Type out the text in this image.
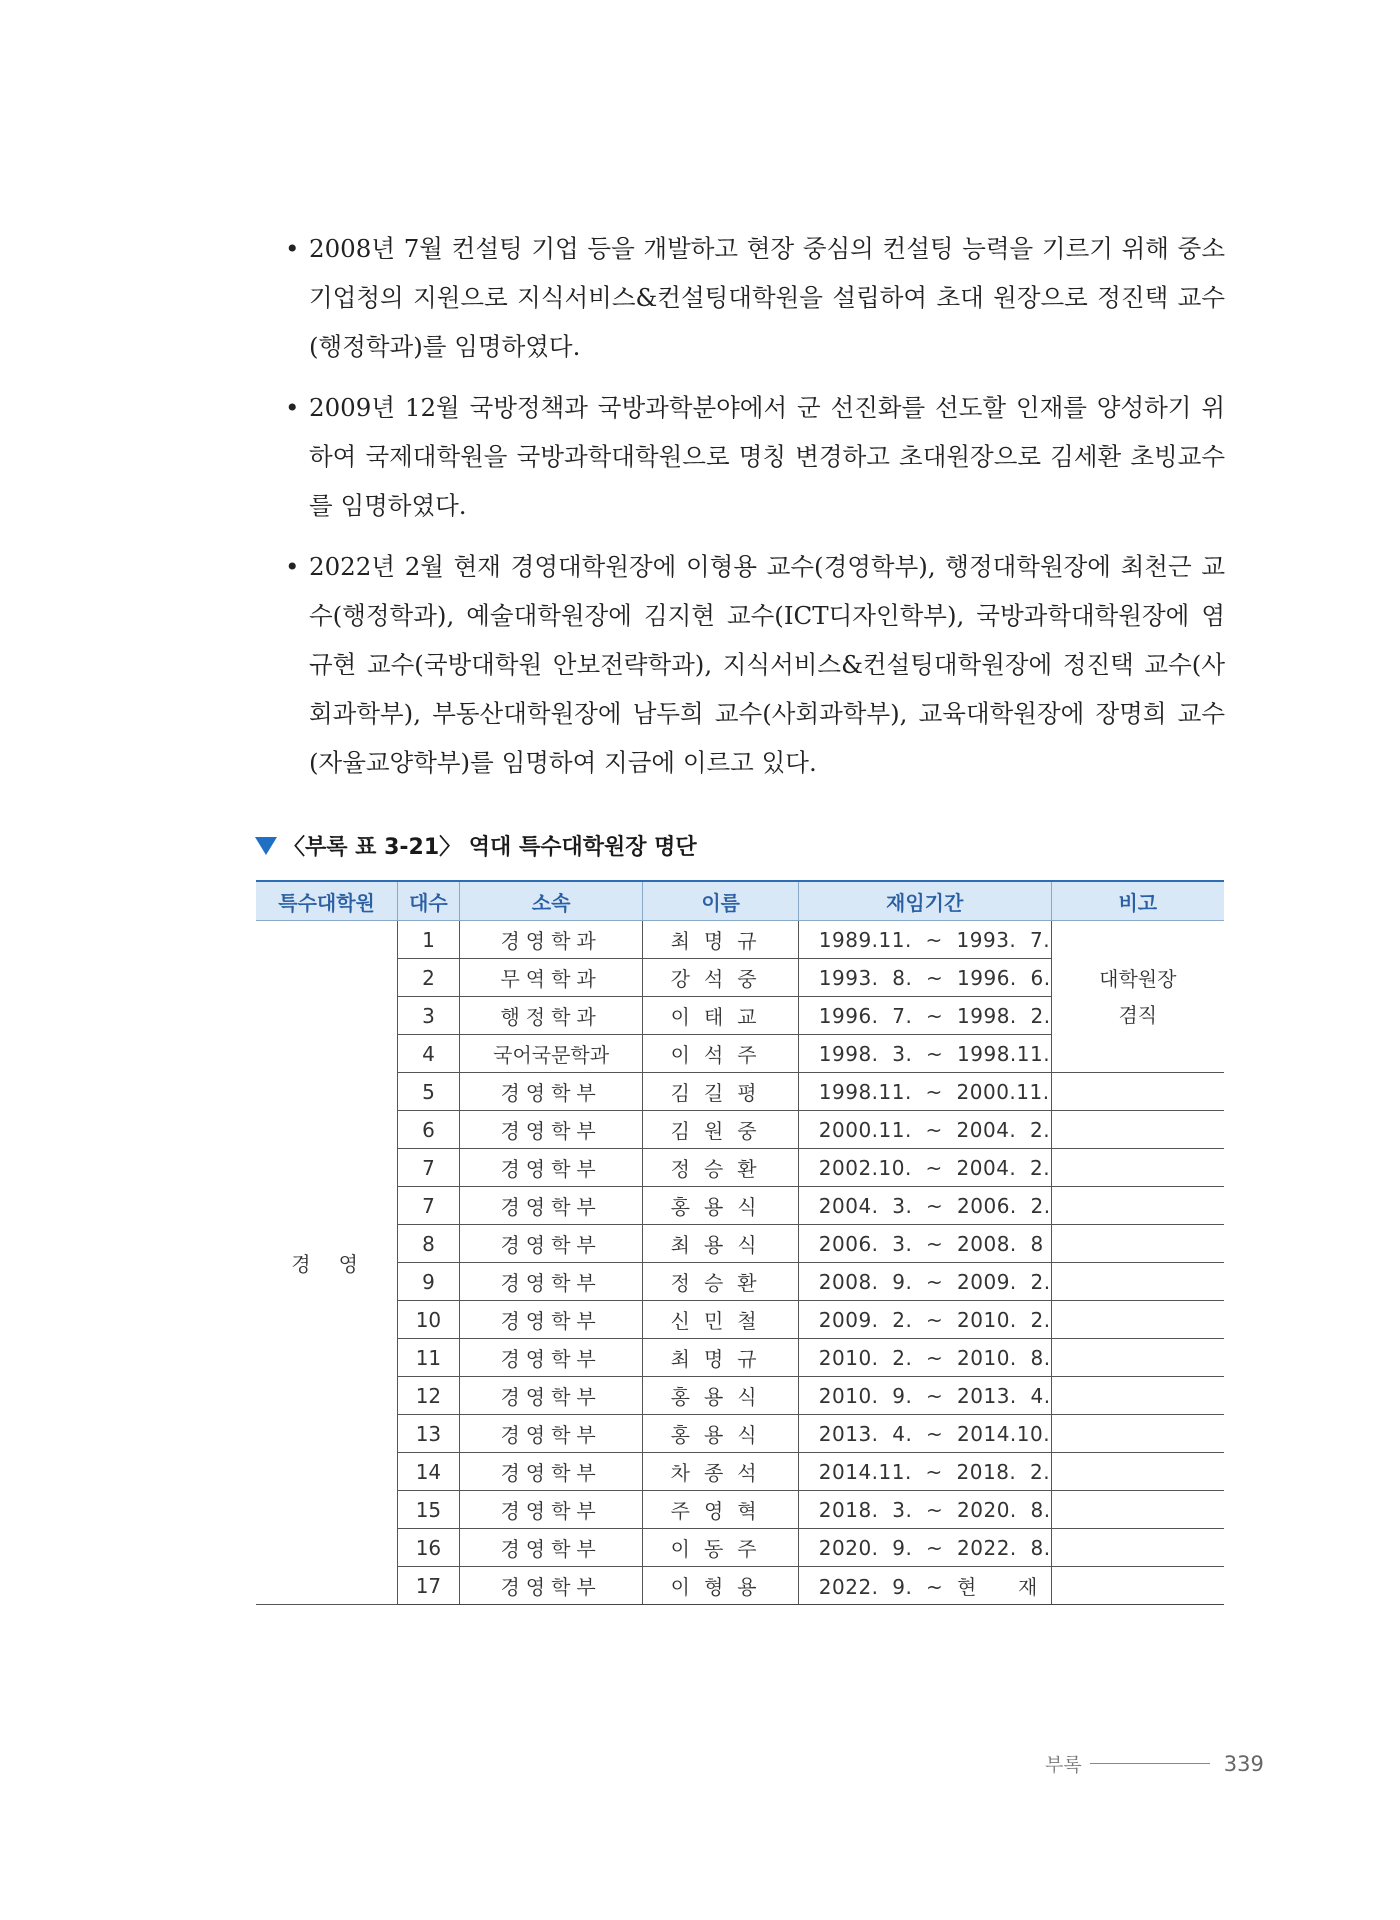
• 2008년 7월 컨설팅 기업 등을 개발하고 현장 중심의 컨설팅 능력을 기르기 위해 중소기업청의 지원으로 지식서비스&컨설팅대학원을 설립하여 초대 원장으로 정진택 교수(행정학과)를 임명하였다.
• 2009년 12월 국방정책과 국방과학분야에서 군 선진화를 선도할 인재를 양성하기 위하여 국제대학원을 국방과학대학원으로 명칭 변경하고 초대원장으로 김세환 초빙교수를 임명하였다.
• 2022년 2월 현재 경영대학원장에 이형용 교수(경영학부), 행정대학원장에 최천근 교수(행정학과), 예술대학원장에 김지현 교수(ICT디자인학부), 국방과학대학원장에 염규현 교수(국방대학원 안보전략학과), 지식서비스&컨설팅대학원장에 정진택 교수(사회과학부), 부동산대학원장에 남두희 교수(사회과학부), 교육대학원장에 장명희 교수(자율교양학부)를 임명하여 지금에 이르고 있다.
〈부록 표 3-21〉 역대 특수대학원장 명단
특수대학원	대수	소속	이름	재임기간	비고
경　영	1	경영학과	최명규	1989.11.  ~  1993.  7.	대학원장
겸직

	2	무역학과	강석중	1993.  8.  ~  1996.  6.	
	3	행정학과	이태교	1996.  7.  ~  1998.  2.	
	4	국어국문학과	이석주	1998.  3.  ~  1998.11.	
	5	경영학부	김길평	1998.11.  ~  2000.11.	
	6	경영학부	김원중	2000.11.  ~  2004.  2.	
	7	경영학부	정승환	2002.10.  ~  2004.  2.	
	7	경영학부	홍용식	2004.  3.  ~  2006.  2.	
	8	경영학부	최용식	2006.  3.  ~  2008.  8	
	9	경영학부	정승환	2008.  9.  ~  2009.  2.	
	10	경영학부	신민철	2009.  2.  ~  2010.  2.	
	11	경영학부	최명규	2010.  2.  ~  2010.  8.	
	12	경영학부	홍용식	2010.  9.  ~  2013.  4.	
	13	경영학부	홍용식	2013.  4.  ~  2014.10.	
	14	경영학부	차종석	2014.11.  ~  2018.  2.	
	15	경영학부	주영혁	2018.  3.  ~  2020.  8.	
	16	경영학부	이동주	2020.  9.  ~  2022.  8.	
	17	경영학부	이형용	2022.  9.  ~  현      재	
부록	339
